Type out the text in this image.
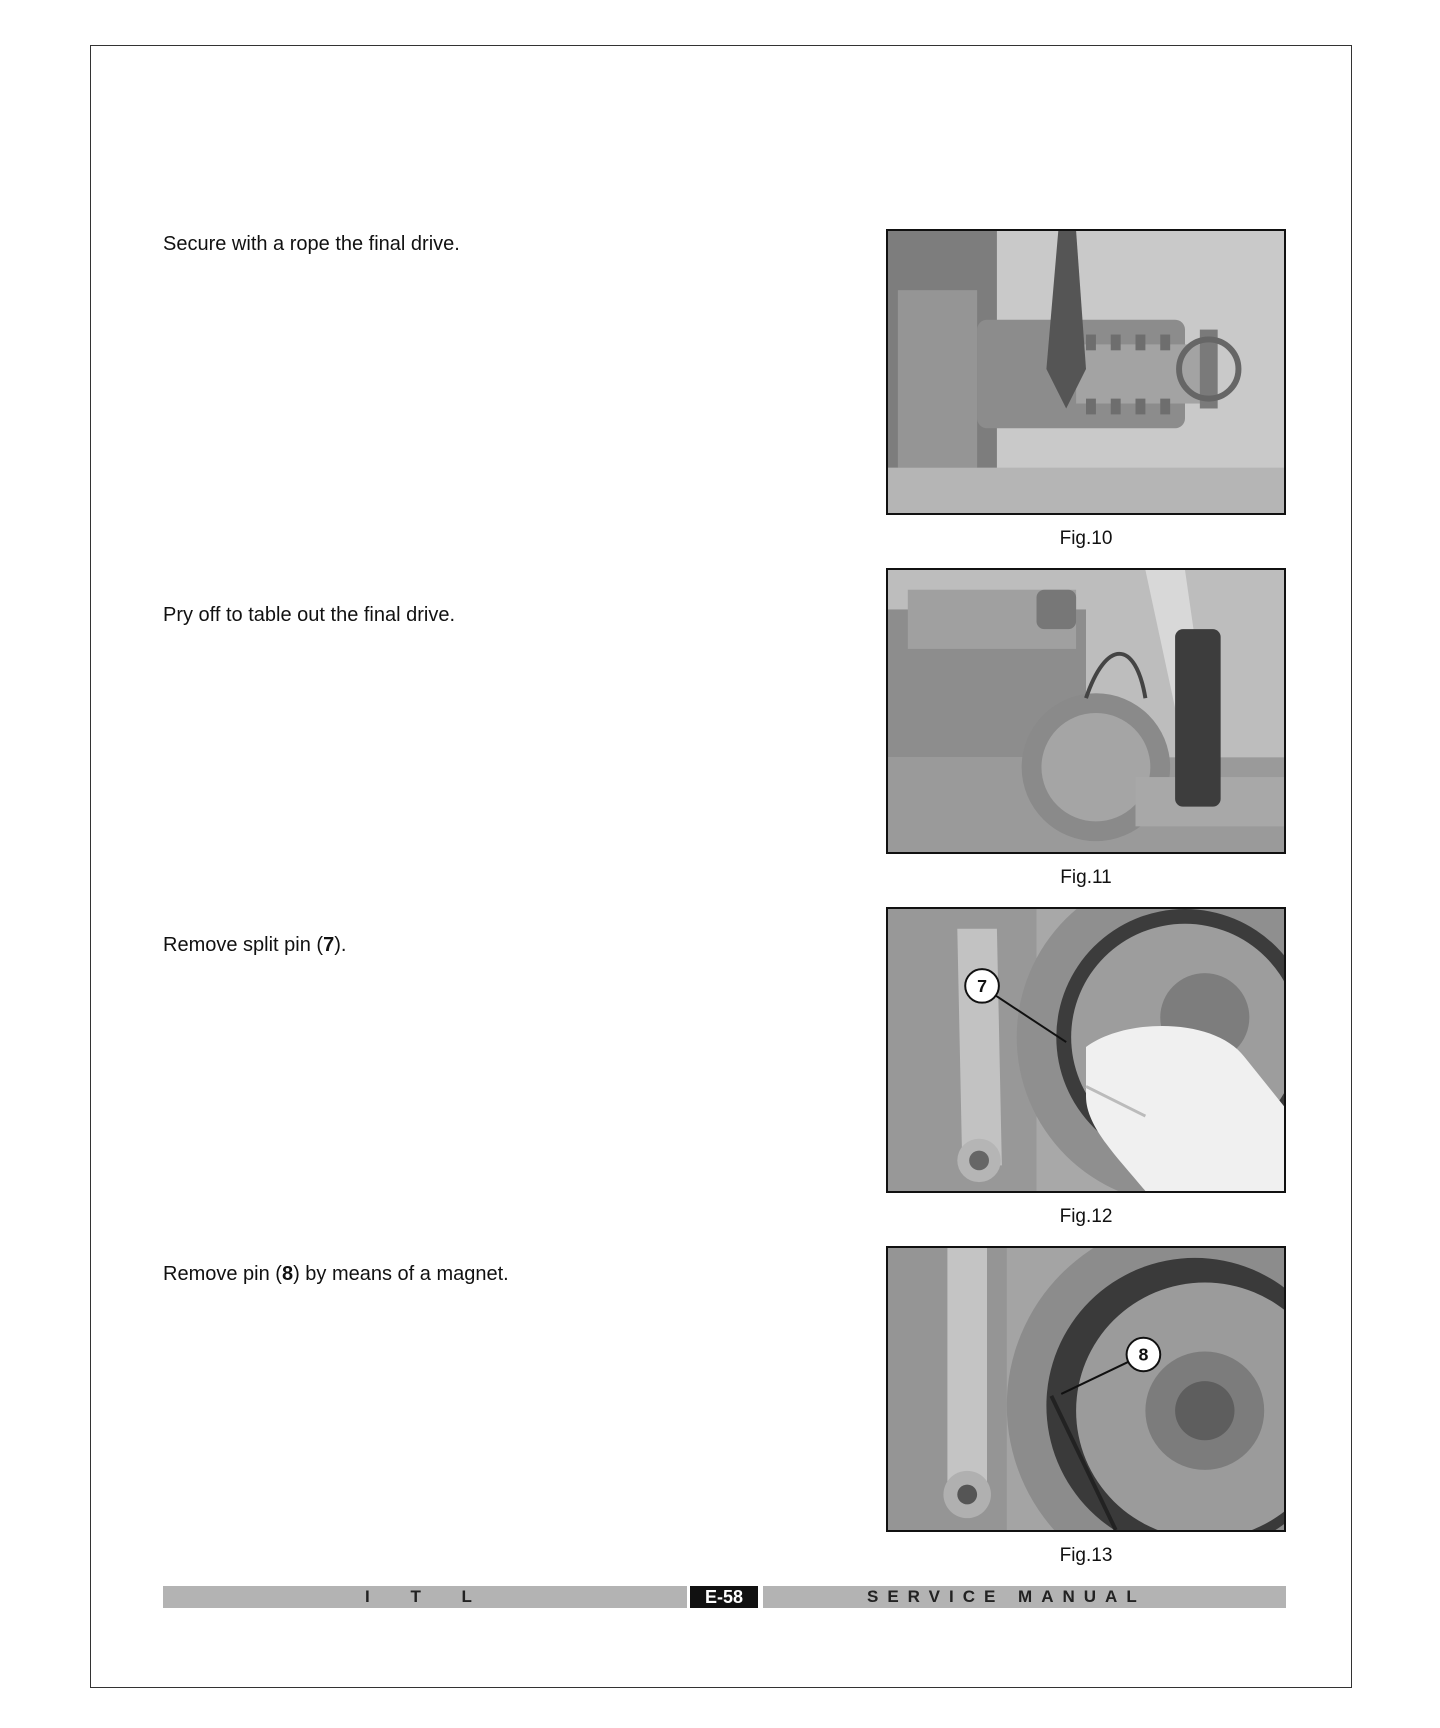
Secure with a rope the final drive.
Fig.10
Pry off to table out the final drive.
Fig.11
Remove split pin (7).
7
Fig.12
Remove pin (8) by means of a magnet.
8
Fig.13
I T L	E-58	SERVICE MANUAL
